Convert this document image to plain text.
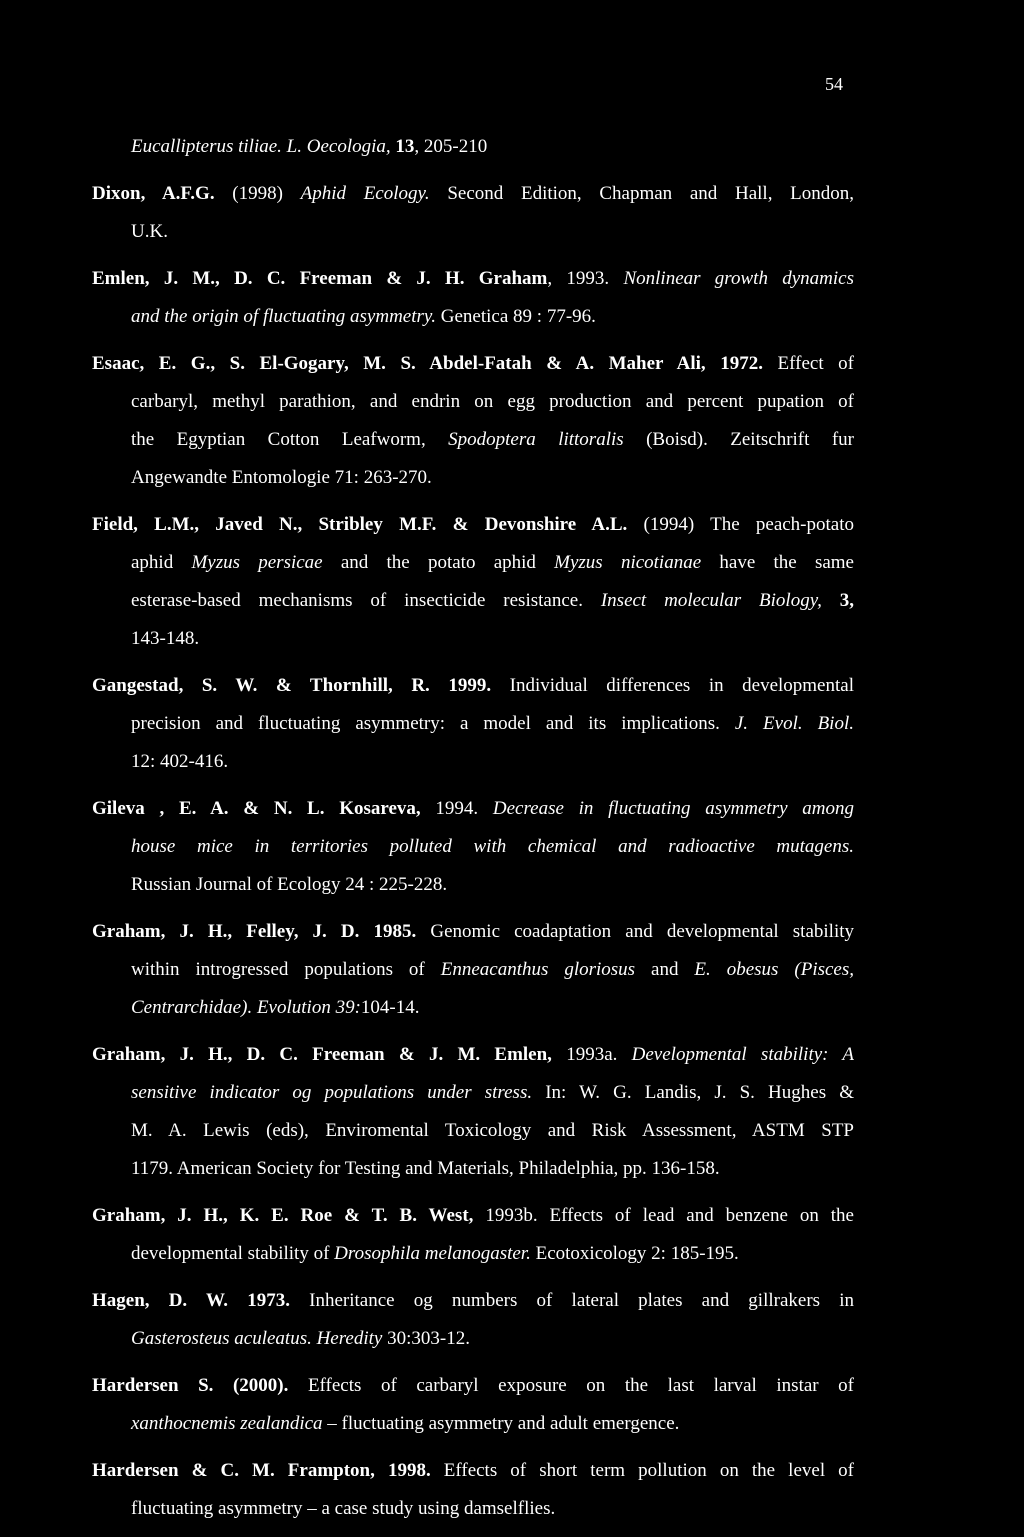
54
Eucallipterus tiliae. L. Oecologia, 13, 205-210
Dixon, A.F.G. (1998) Aphid Ecology. Second Edition, Chapman and Hall, London,
U.K.
Emlen, J. M., D. C. Freeman & J. H. Graham, 1993. Nonlinear growth dynamics
and the origin of fluctuating asymmetry. Genetica 89 : 77-96.
Esaac, E. G., S. El-Gogary, M. S. Abdel-Fatah & A. Maher Ali, 1972. Effect of
carbaryl, methyl parathion, and endrin on egg production and percent pupation of
the Egyptian Cotton Leafworm, Spodoptera littoralis (Boisd). Zeitschrift fur
Angewandte Entomologie 71: 263-270.
Field, L.M., Javed N., Stribley M.F. & Devonshire A.L. (1994) The peach-potato
aphid Myzus persicae and the potato aphid Myzus nicotianae have the same
esterase-based mechanisms of insecticide resistance. Insect molecular Biology, 3,
143-148.
Gangestad, S. W. & Thornhill, R. 1999. Individual differences in developmental
precision and fluctuating asymmetry: a model and its implications. J. Evol. Biol.
12: 402-416.
Gileva , E. A. & N. L. Kosareva, 1994. Decrease in fluctuating asymmetry among
house mice in territories polluted with chemical and radioactive mutagens.
Russian Journal of Ecology 24 : 225-228.
Graham, J. H., Felley, J. D. 1985. Genomic coadaptation and developmental stability
within introgressed populations of Enneacanthus gloriosus and E. obesus (Pisces,
Centrarchidae). Evolution 39:104-14.
Graham, J. H., D. C. Freeman & J. M. Emlen, 1993a. Developmental stability: A
sensitive indicator og populations under stress. In: W. G. Landis, J. S. Hughes &
M. A. Lewis (eds), Enviromental Toxicology and Risk Assessment, ASTM STP
1179. American Society for Testing and Materials, Philadelphia, pp. 136-158.
Graham, J. H., K. E. Roe & T. B. West, 1993b. Effects of lead and benzene on the
developmental stability of Drosophila melanogaster. Ecotoxicology 2: 185-195.
Hagen, D. W. 1973. Inheritance og numbers of lateral plates and gillrakers in
Gasterosteus aculeatus. Heredity 30:303-12.
Hardersen S. (2000). Effects of carbaryl exposure on the last larval instar of
xanthocnemis zealandica – fluctuating asymmetry and adult emergence.
Hardersen & C. M. Frampton, 1998. Effects of short term pollution on the level of
fluctuating asymmetry – a case study using damselflies.
